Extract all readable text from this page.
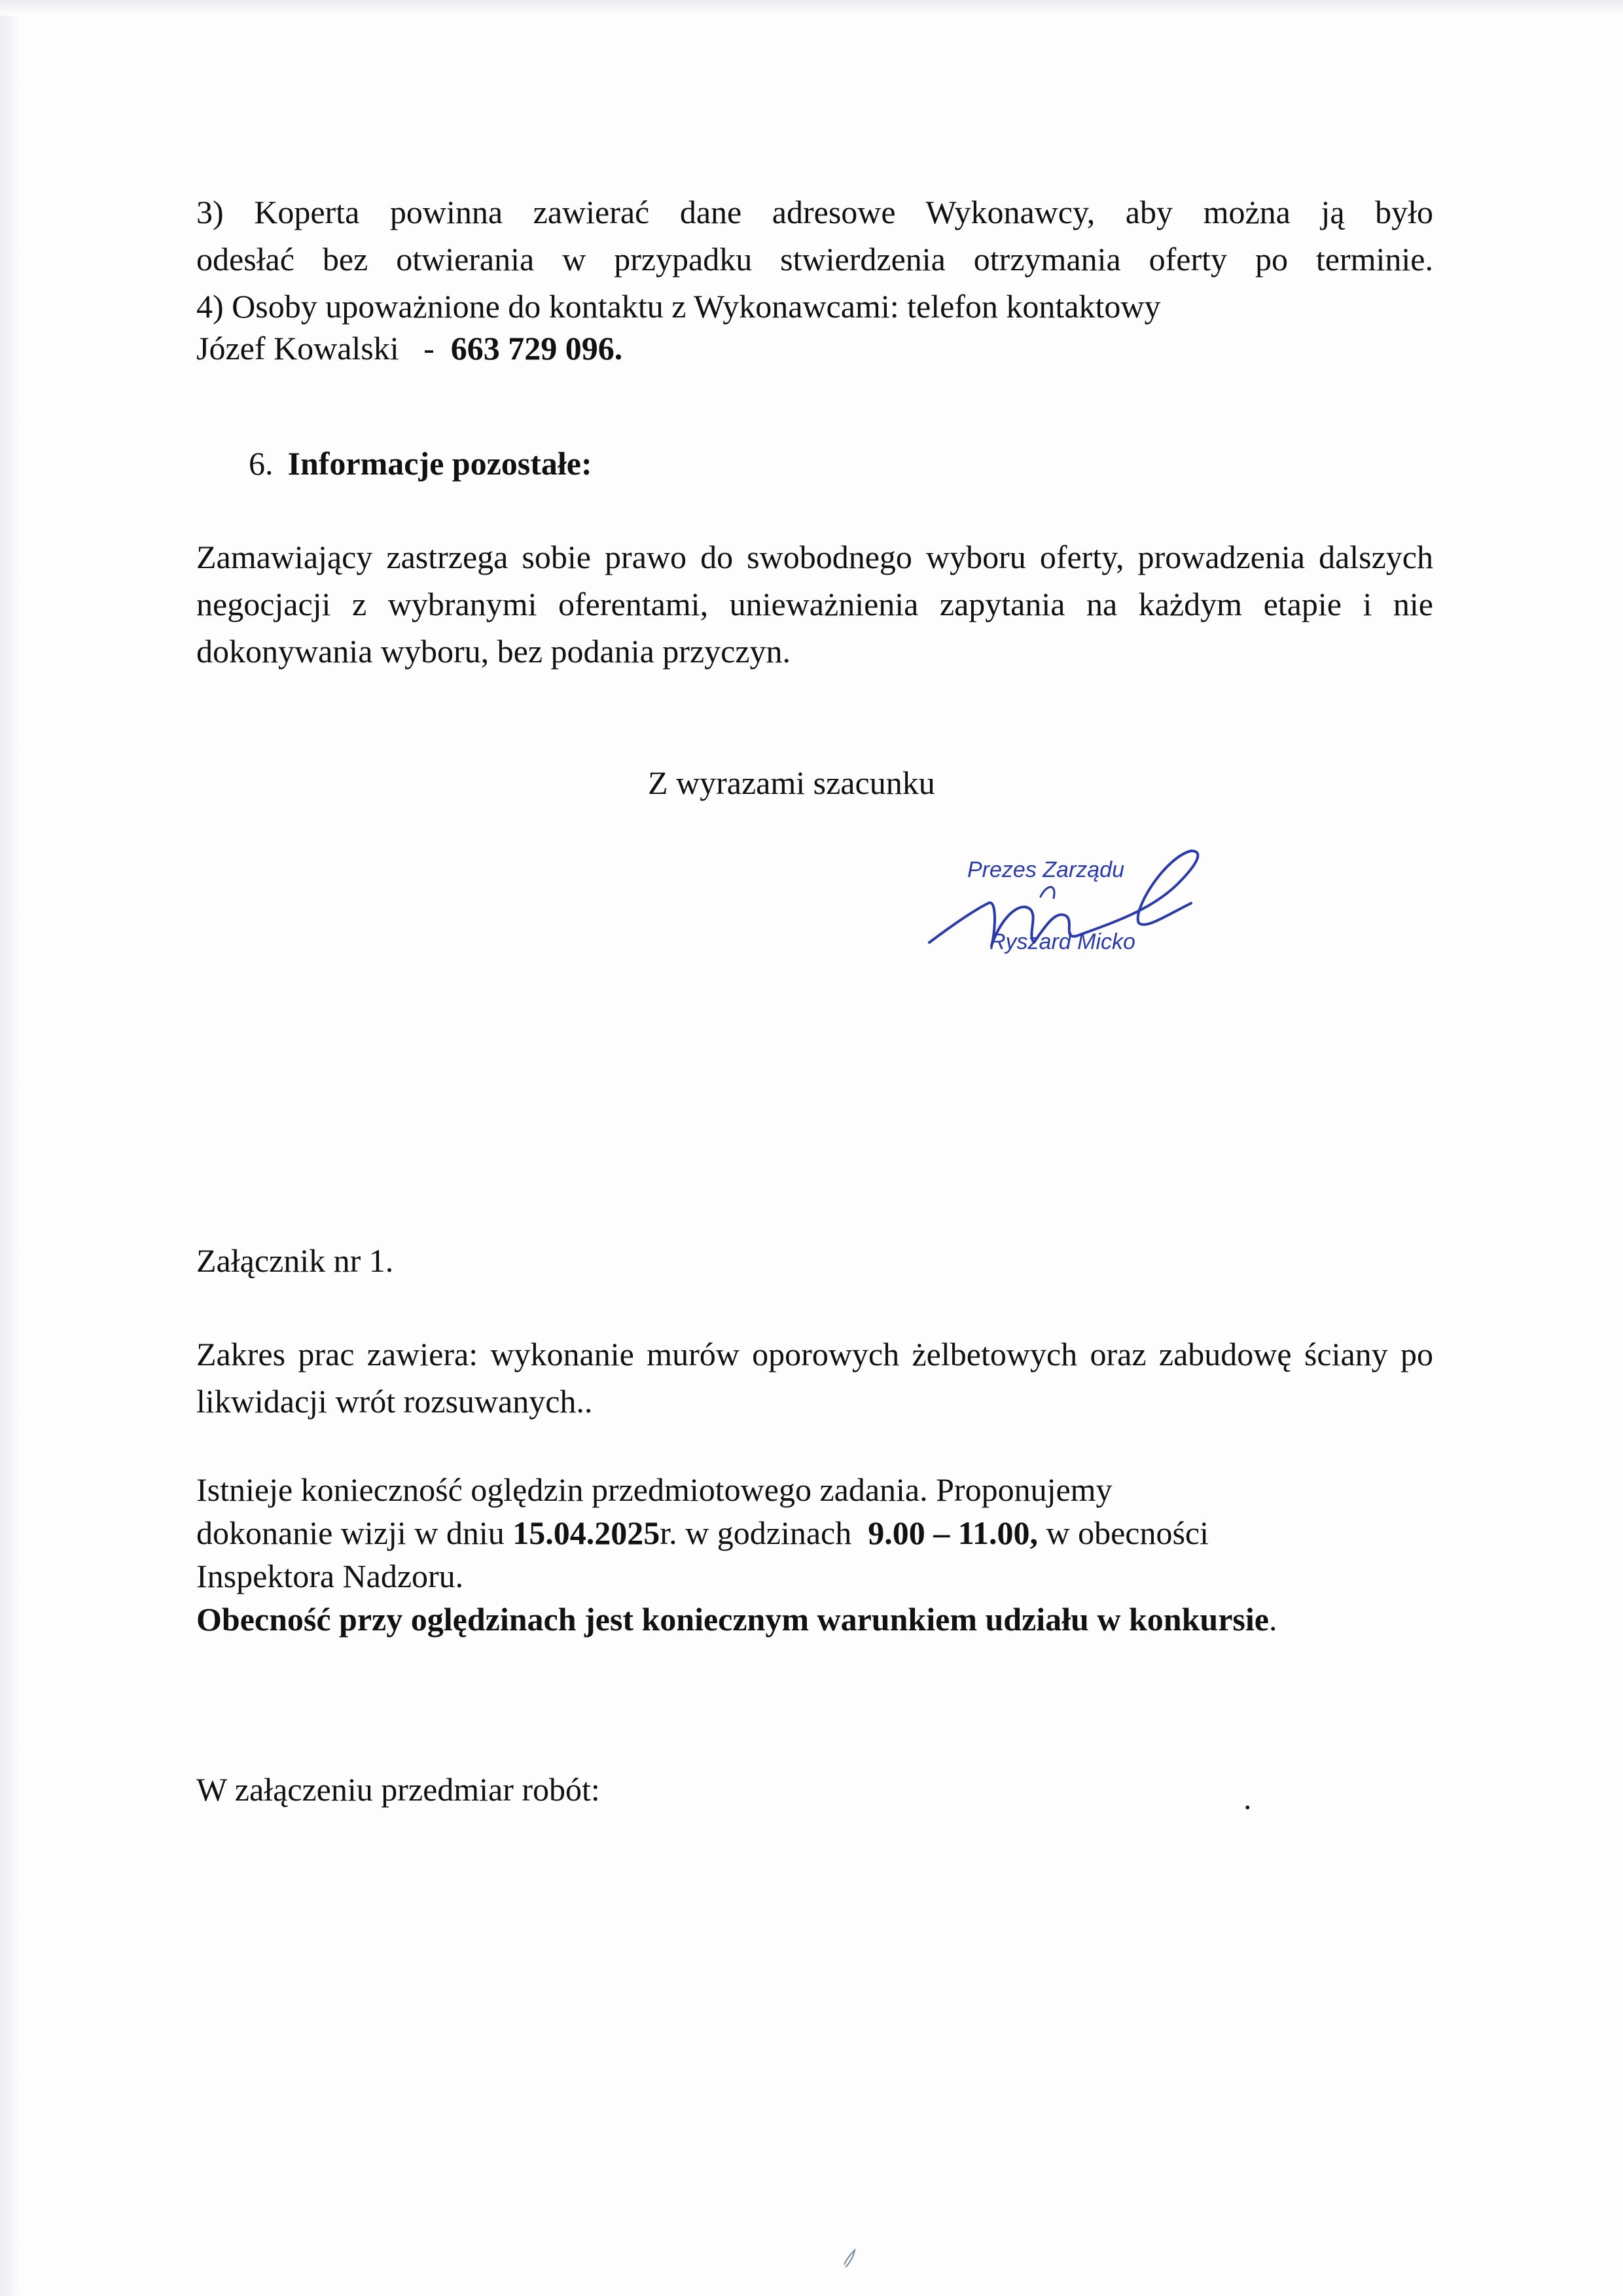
3) Koperta powinna zawierać dane adresowe Wykonawcy, aby można ją było

odesłać bez otwierania w przypadku stwierdzenia otrzymania oferty po terminie.

4) Osoby upoważnione do kontaktu z Wykonawcami: telefon kontaktowy

Józef Kowalski   -  663 729 096.

6. Informacje pozostałe:

Zamawiający zastrzega sobie prawo do swobodnego wyboru oferty, prowadzenia dalszych negocjacji z wybranymi oferentami, unieważnienia zapytania na każdym etapie i nie dokonywania wyboru, bez podania przyczyn.

Z wyrazami szacunku
Prezes Zarządu
Ryszard Micko

Załącznik nr 1.

Zakres prac zawiera: wykonanie murów oporowych żelbetowych oraz zabudowę ściany po likwidacji wrót rozsuwanych..

Istnieje konieczność oględzin przedmiotowego zadania. Proponujemy

dokonanie wizji w dniu 15.04.2025r. w godzinach  9.00 – 11.00, w obecności

Inspektora Nadzoru.

Obecność przy oględzinach jest koniecznym warunkiem udziału w konkursie.

W załączeniu przedmiar robót:	.
